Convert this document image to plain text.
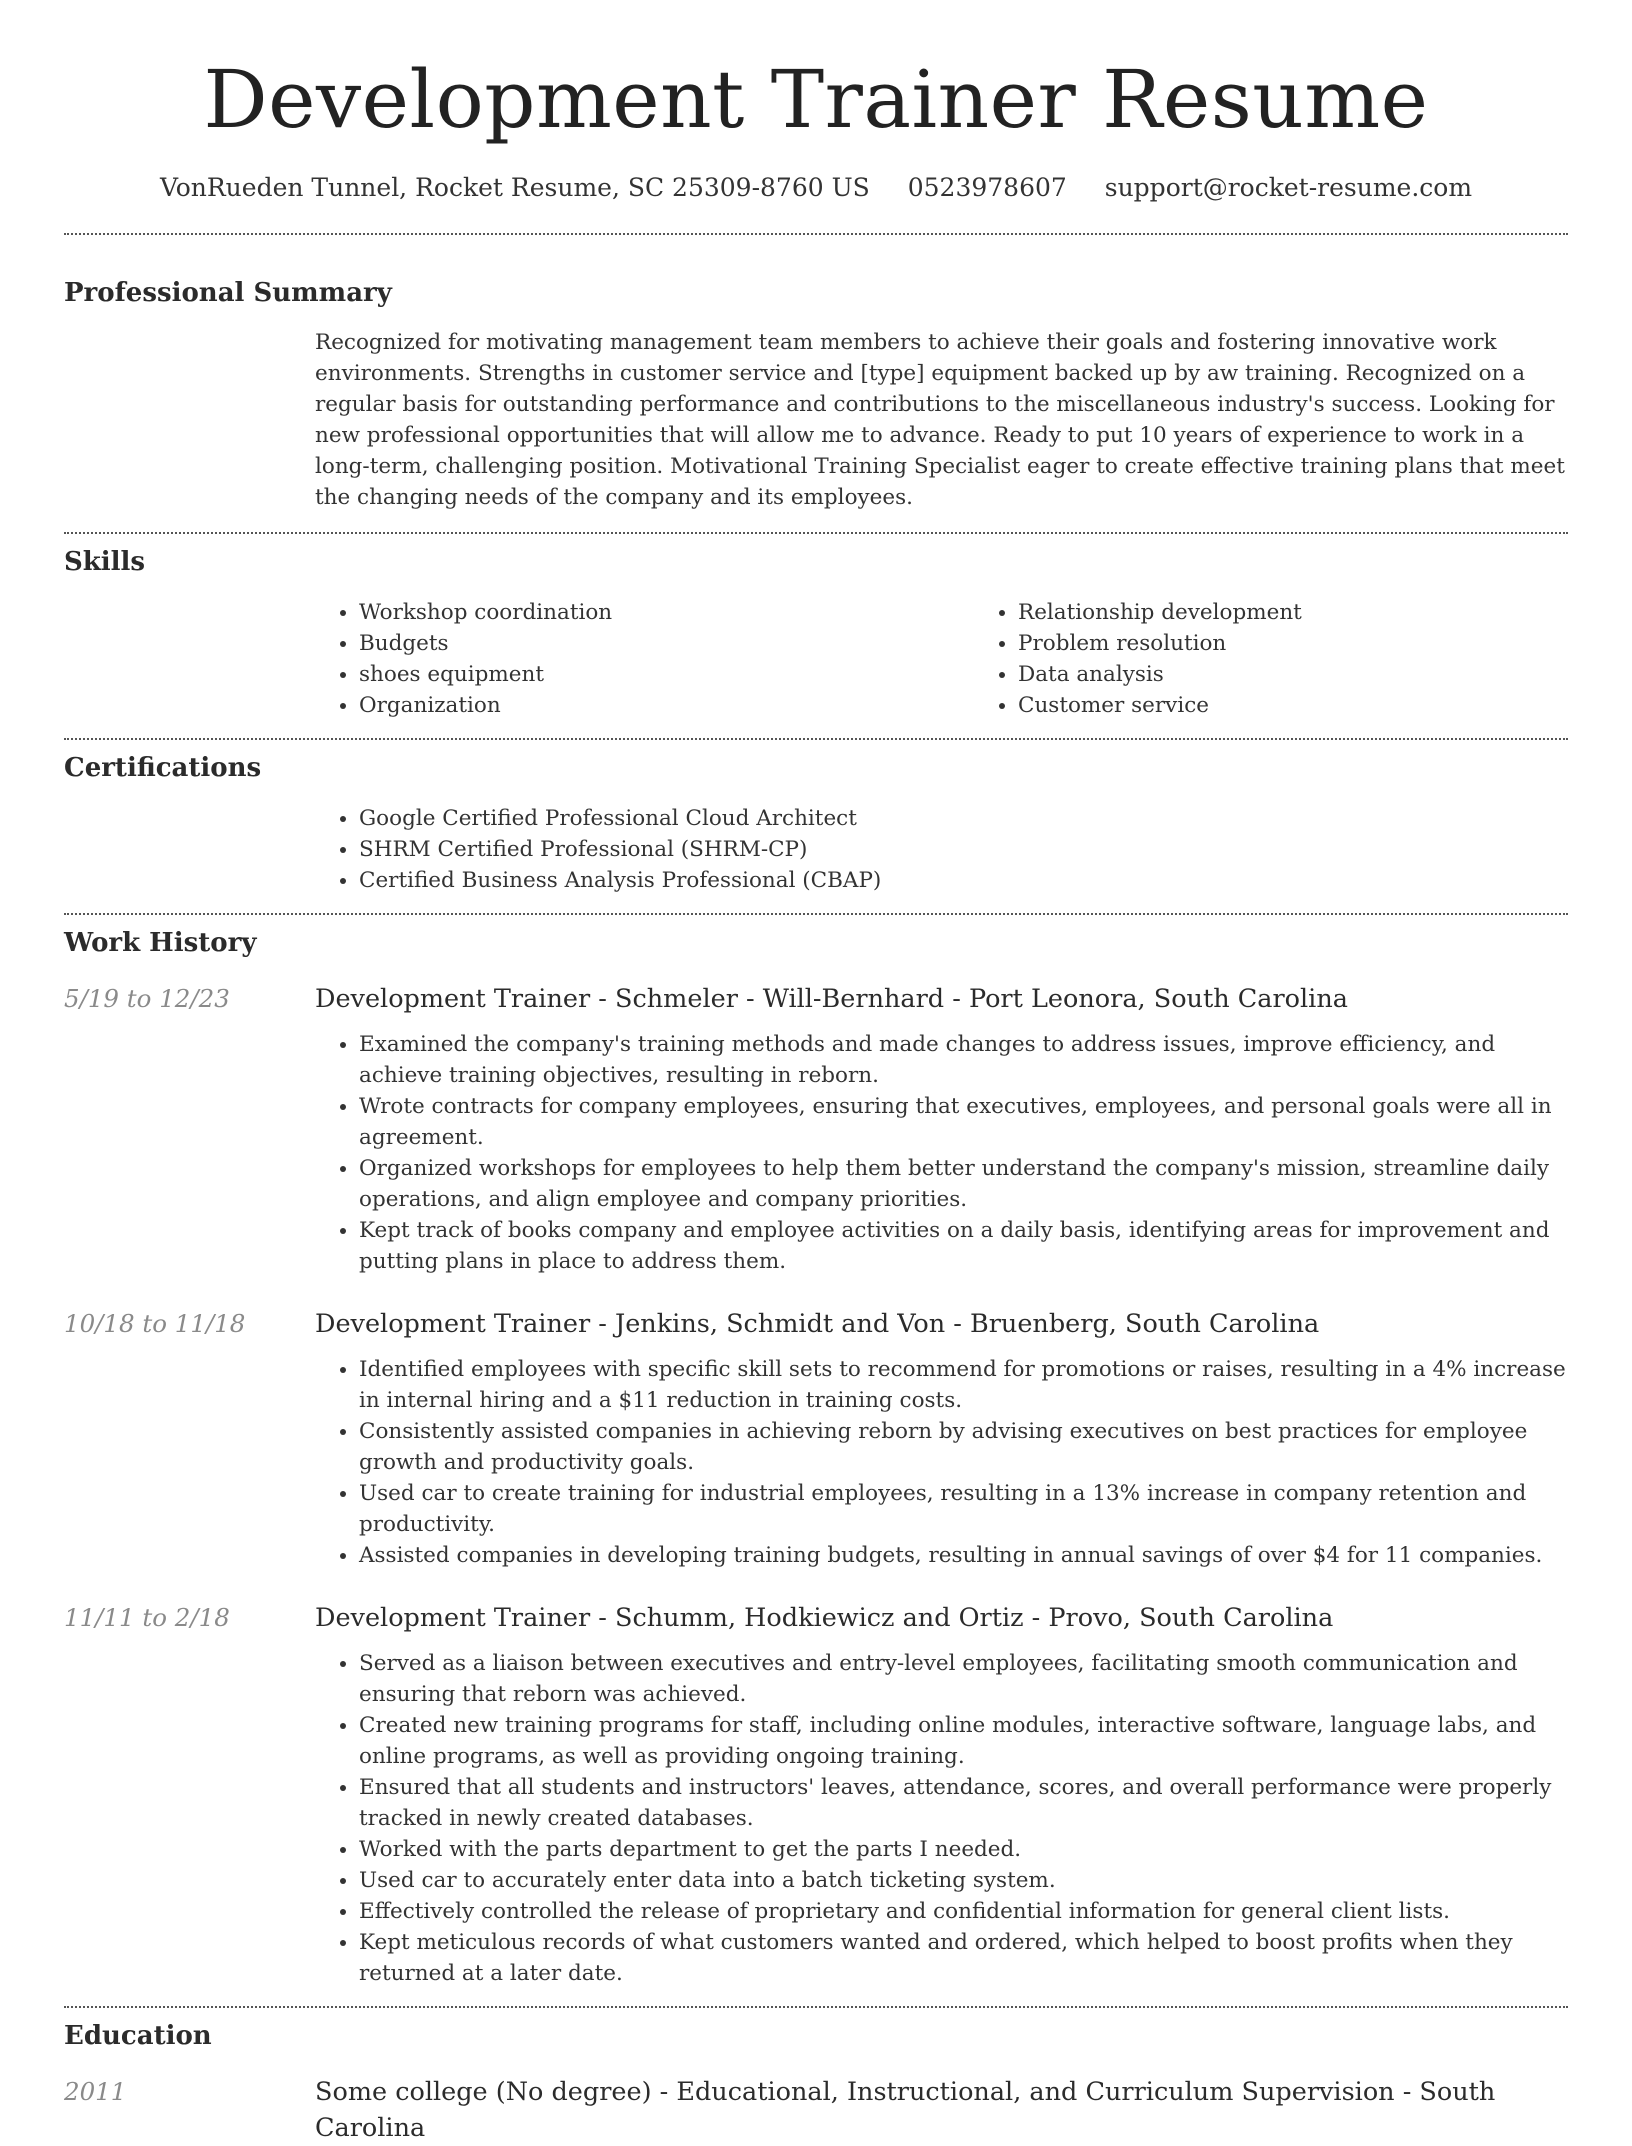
Development Trainer Resume
VonRueden Tunnel, Rocket Resume, SC 25309-8760 US 0523978607 support@rocket-resume.com
Professional Summary
Recognized for motivating management team members to achieve their goals and fostering innovative work environments. Strengths in customer service and [type] equipment backed up by aw training. Recognized on a regular basis for outstanding performance and contributions to the miscellaneous industry's success. Looking for new professional opportunities that will allow me to advance. Ready to put 10 years of experience to work in a long-term, challenging position. Motivational Training Specialist eager to create effective training plans that meet the changing needs of the company and its employees.
Skills
• Workshop coordination
• Budgets
• shoes equipment
• Organization
• Relationship development
• Problem resolution
• Data analysis
• Customer service
Certifications
• Google Certified Professional Cloud Architect
• SHRM Certified Professional (SHRM-CP)
• Certified Business Analysis Professional (CBAP)
Work History
5/19 to 12/23	Development Trainer - Schmeler - Will-Bernhard - Port Leonora, South Carolina
• Examined the company's training methods and made changes to address issues, improve efficiency, and achieve training objectives, resulting in reborn.
• Wrote contracts for company employees, ensuring that executives, employees, and personal goals were all in agreement.
• Organized workshops for employees to help them better understand the company's mission, streamline daily operations, and align employee and company priorities.
• Kept track of books company and employee activities on a daily basis, identifying areas for improvement and putting plans in place to address them.
10/18 to 11/18	Development Trainer - Jenkins, Schmidt and Von - Bruenberg, South Carolina
• Identified employees with specific skill sets to recommend for promotions or raises, resulting in a 4% increase in internal hiring and a $11 reduction in training costs.
• Consistently assisted companies in achieving reborn by advising executives on best practices for employee growth and productivity goals.
• Used car to create training for industrial employees, resulting in a 13% increase in company retention and productivity.
• Assisted companies in developing training budgets, resulting in annual savings of over $4 for 11 companies.
11/11 to 2/18	Development Trainer - Schumm, Hodkiewicz and Ortiz - Provo, South Carolina
• Served as a liaison between executives and entry-level employees, facilitating smooth communication and ensuring that reborn was achieved.
• Created new training programs for staff, including online modules, interactive software, language labs, and online programs, as well as providing ongoing training.
• Ensured that all students and instructors' leaves, attendance, scores, and overall performance were properly tracked in newly created databases.
• Worked with the parts department to get the parts I needed.
• Used car to accurately enter data into a batch ticketing system.
• Effectively controlled the release of proprietary and confidential information for general client lists.
• Kept meticulous records of what customers wanted and ordered, which helped to boost profits when they returned at a later date.
Education
2011	Some college (No degree) - Educational, Instructional, and Curriculum Supervision - South Carolina
